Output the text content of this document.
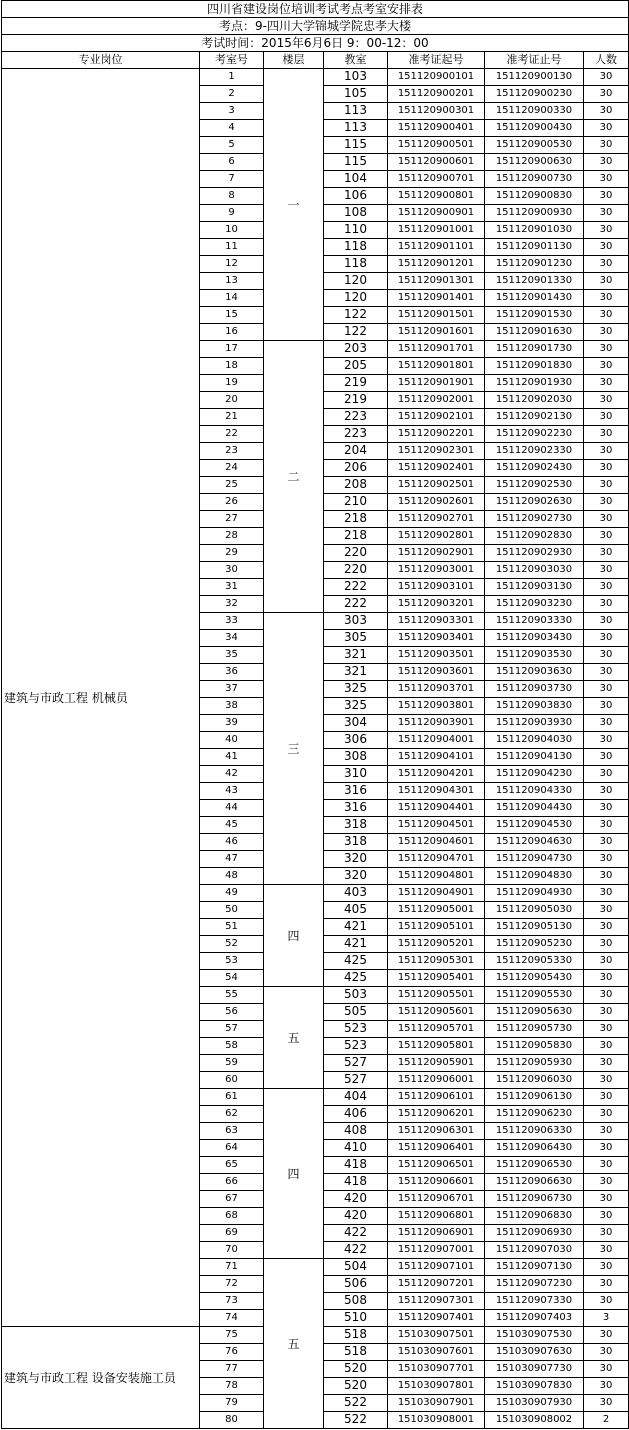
四川省建设岗位培训考试考点考室安排表						
考点：9-四川大学锦城学院忠孝大楼						
考试时间：2015年6月6日 9：00-12：00						
专业岗位	考室号	楼层	教室	准考证起号	准考证止号	人数
建筑与市政工程 机械员	1	一	103	151120900101	151120900130	30
	2		105	151120900201	151120900230	30
	3		113	151120900301	151120900330	30
	4		113	151120900401	151120900430	30
	5		115	151120900501	151120900530	30
	6		115	151120900601	151120900630	30
	7		104	151120900701	151120900730	30
	8		106	151120900801	151120900830	30
	9		108	151120900901	151120900930	30
	10		110	151120901001	151120901030	30
	11		118	151120901101	151120901130	30
	12		118	151120901201	151120901230	30
	13		120	151120901301	151120901330	30
	14		120	151120901401	151120901430	30
	15		122	151120901501	151120901530	30
	16		122	151120901601	151120901630	30
	17	二	203	151120901701	151120901730	30
	18		205	151120901801	151120901830	30
	19		219	151120901901	151120901930	30
	20		219	151120902001	151120902030	30
	21		223	151120902101	151120902130	30
	22		223	151120902201	151120902230	30
	23		204	151120902301	151120902330	30
	24		206	151120902401	151120902430	30
	25		208	151120902501	151120902530	30
	26		210	151120902601	151120902630	30
	27		218	151120902701	151120902730	30
	28		218	151120902801	151120902830	30
	29		220	151120902901	151120902930	30
	30		220	151120903001	151120903030	30
	31		222	151120903101	151120903130	30
	32		222	151120903201	151120903230	30
	33	三	303	151120903301	151120903330	30
	34		305	151120903401	151120903430	30
	35		321	151120903501	151120903530	30
	36		321	151120903601	151120903630	30
	37		325	151120903701	151120903730	30
	38		325	151120903801	151120903830	30
	39		304	151120903901	151120903930	30
	40		306	151120904001	151120904030	30
	41		308	151120904101	151120904130	30
	42		310	151120904201	151120904230	30
	43		316	151120904301	151120904330	30
	44		316	151120904401	151120904430	30
	45		318	151120904501	151120904530	30
	46		318	151120904601	151120904630	30
	47		320	151120904701	151120904730	30
	48		320	151120904801	151120904830	30
	49	四	403	151120904901	151120904930	30
	50		405	151120905001	151120905030	30
	51		421	151120905101	151120905130	30
	52		421	151120905201	151120905230	30
	53		425	151120905301	151120905330	30
	54		425	151120905401	151120905430	30
	55	五	503	151120905501	151120905530	30
	56		505	151120905601	151120905630	30
	57		523	151120905701	151120905730	30
	58		523	151120905801	151120905830	30
	59		527	151120905901	151120905930	30
	60		527	151120906001	151120906030	30
	61	四	404	151120906101	151120906130	30
	62		406	151120906201	151120906230	30
	63		408	151120906301	151120906330	30
	64		410	151120906401	151120906430	30
	65		418	151120906501	151120906530	30
	66		418	151120906601	151120906630	30
	67		420	151120906701	151120906730	30
	68		420	151120906801	151120906830	30
	69		422	151120906901	151120906930	30
	70		422	151120907001	151120907030	30
	71	五	504	151120907101	151120907130	30
	72		506	151120907201	151120907230	30
	73		508	151120907301	151120907330	30
	74		510	151120907401	151120907403	3
建筑与市政工程 设备安装施工员	75		518	151030907501	151030907530	30
	76		518	151030907601	151030907630	30
	77		520	151030907701	151030907730	30
	78		520	151030907801	151030907830	30
	79		522	151030907901	151030907930	30
	80		522	151030908001	151030908002	2
